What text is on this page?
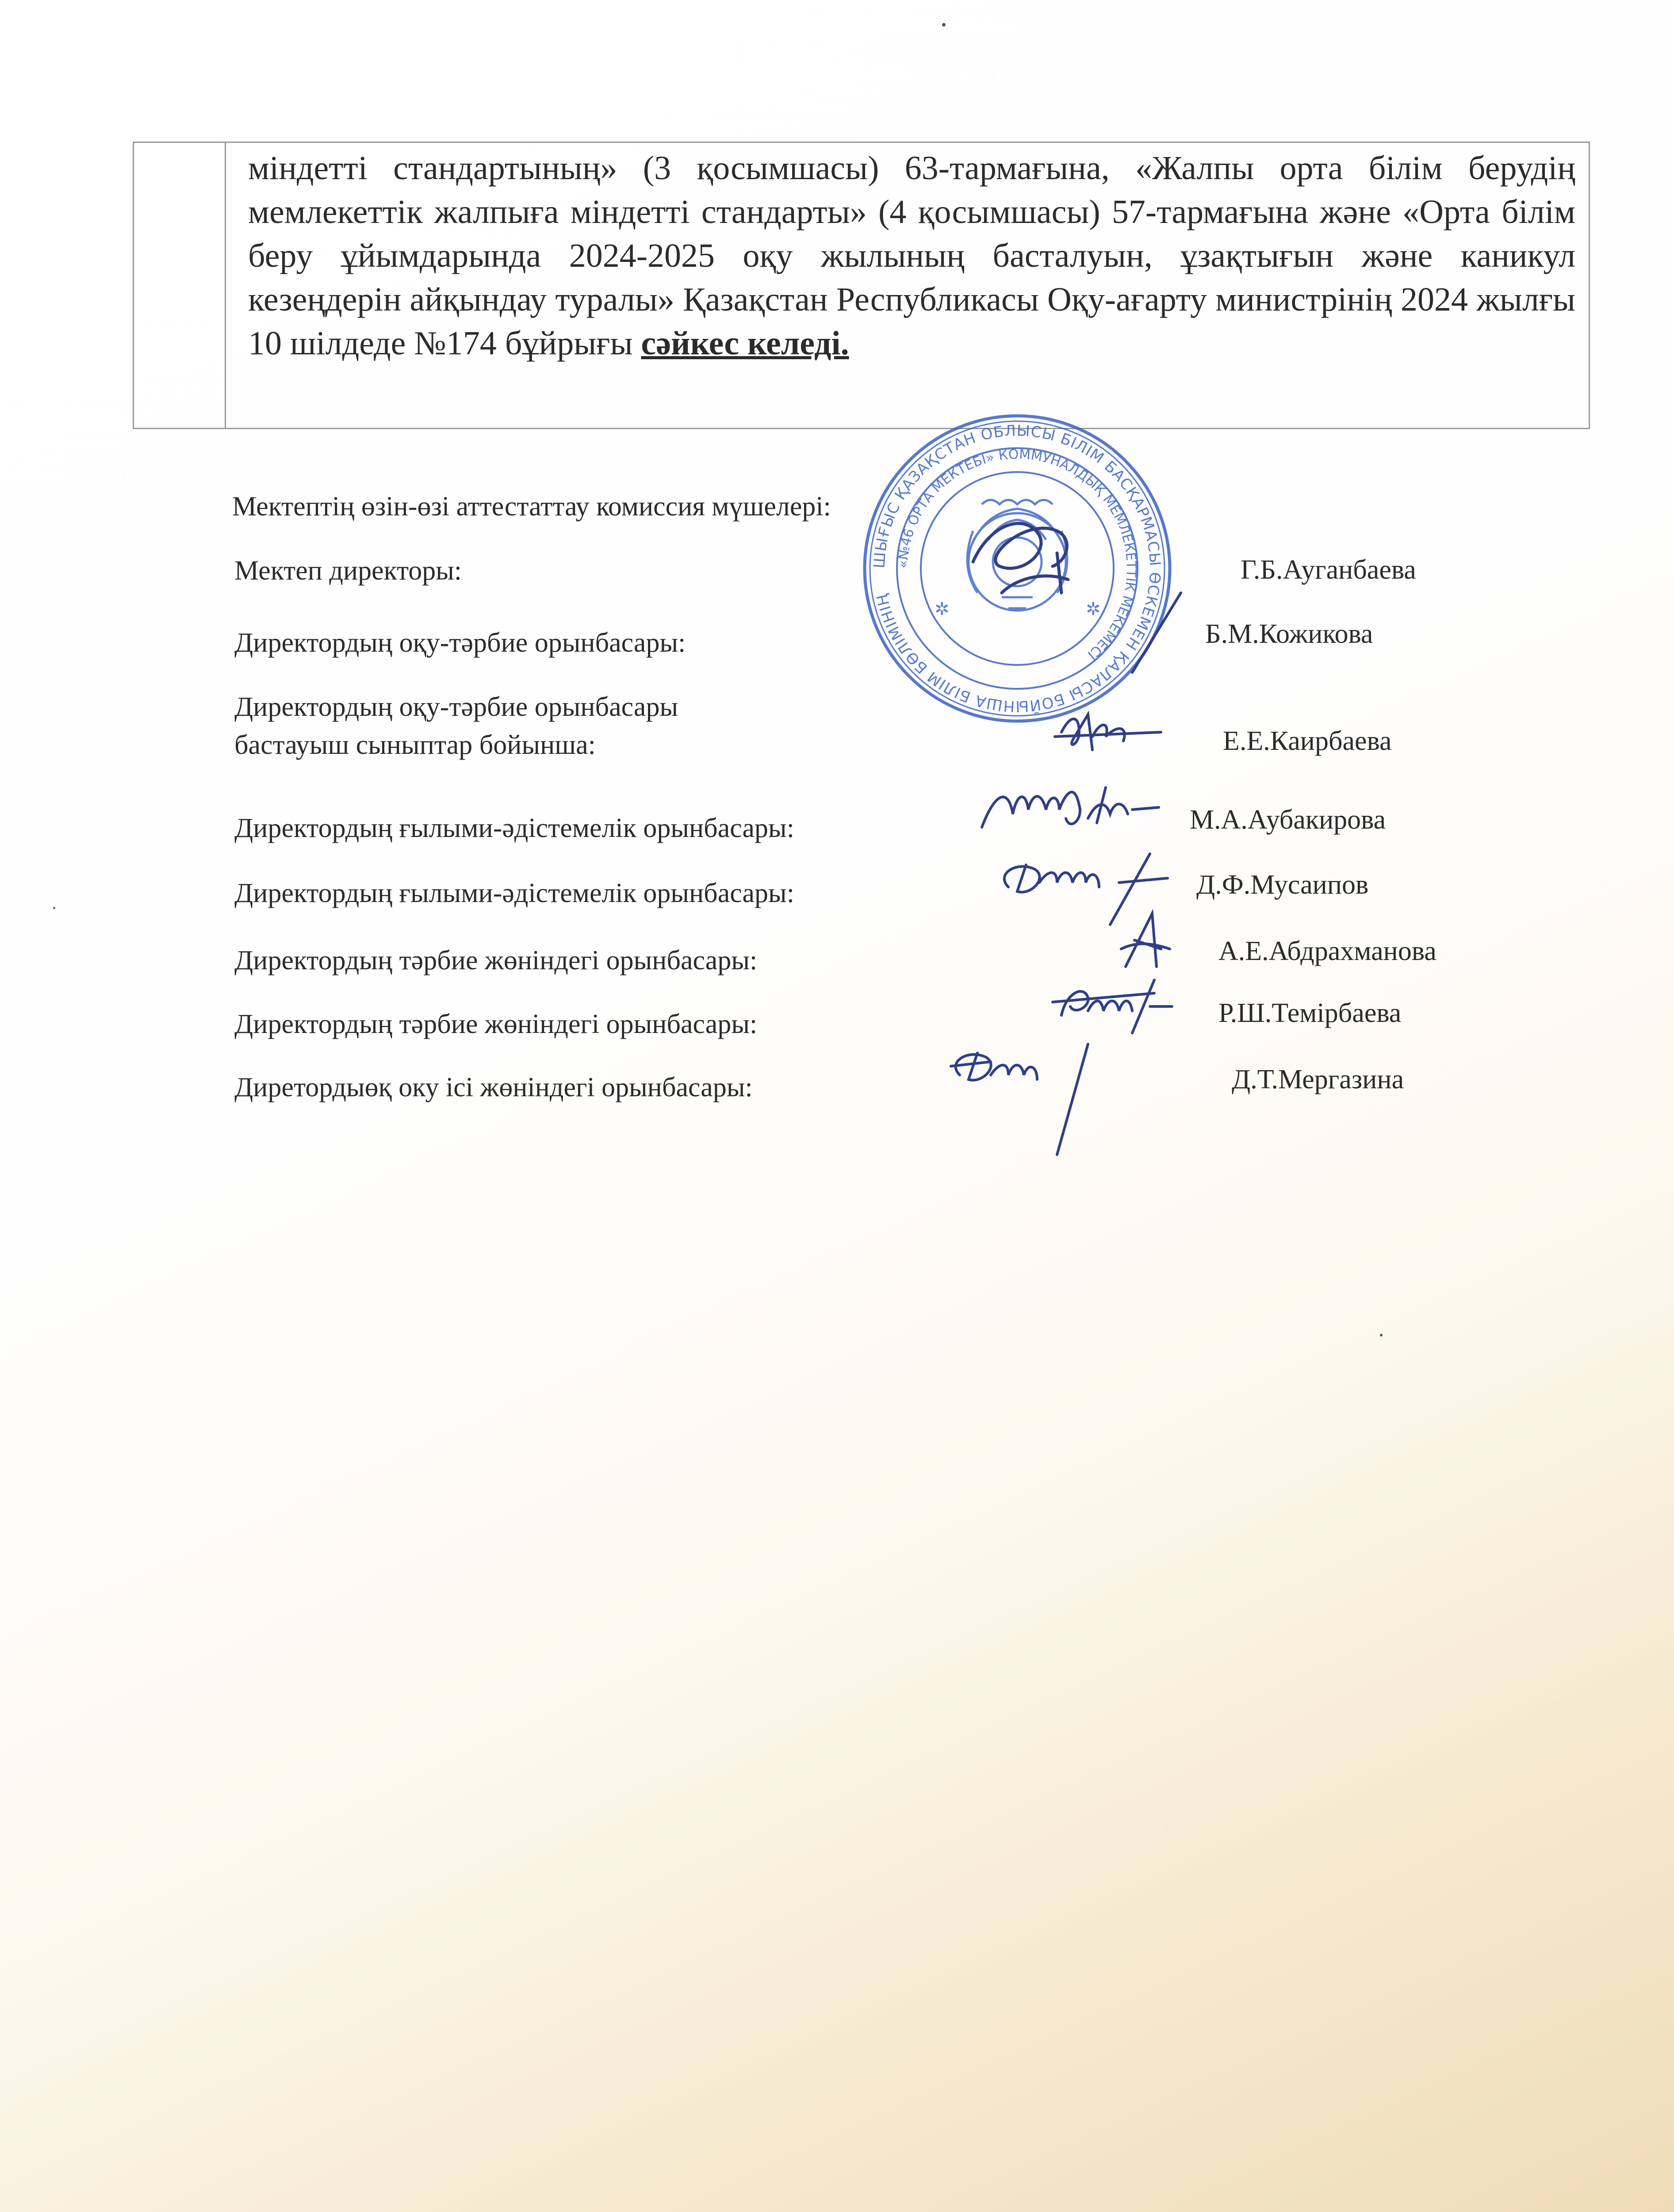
міндетті стандартының» (3 қосымшасы) 63-тармағына, «Жалпы орта білім берудің мемлекеттік жалпыға міндетті стандарты» (4 қосымшасы) 57-тармағына және «Орта білім беру ұйымдарында 2024-2025 оқу жылының басталуын, ұзақтығын және каникул кезеңдерін айқындау туралы» Қазақстан Республикасы Оқу-ағарту министрінің 2024 жылғы 10 шілдеде №174 бұйрығы сәйкес келеді.
Мектептің өзін-өзі аттестаттау комиссия мүшелері:
Мектеп директоры:	Г.Б.Ауганбаева
Директордың оқу-тәрбие орынбасары:	Б.М.Кожикова
Директордың оқу-тәрбие орынбасары
бастауыш сыныптар бойынша:	Е.Е.Каирбаева
Директордың ғылыми-әдістемелік орынбасары:	М.А.Аубакирова
Директордың ғылыми-әдістемелік орынбасары:	Д.Ф.Мусаипов
Директордың тәрбие жөніндегі орынбасары:	А.Е.Абдрахманова
Директордың тәрбие жөніндегі орынбасары:	Р.Ш.Темірбаева
Диретордыөқ оку ісі жөніндегі орынбасары:	Д.Т.Мергазина
ШЫҒЫС ҚАЗАҚСТАН ОБЛЫСЫ БІЛІМ БАСҚАРМАСЫ ӨСКЕМЕН ҚАЛАСЫ БОЙЫНША БІЛІМ БӨЛІМІНІҢ
«№46 ОРТА МЕКТЕБІ» КОММУНАЛДЫҚ МЕМЛЕКЕТТІК МЕКЕМЕСІ
✲	✲
